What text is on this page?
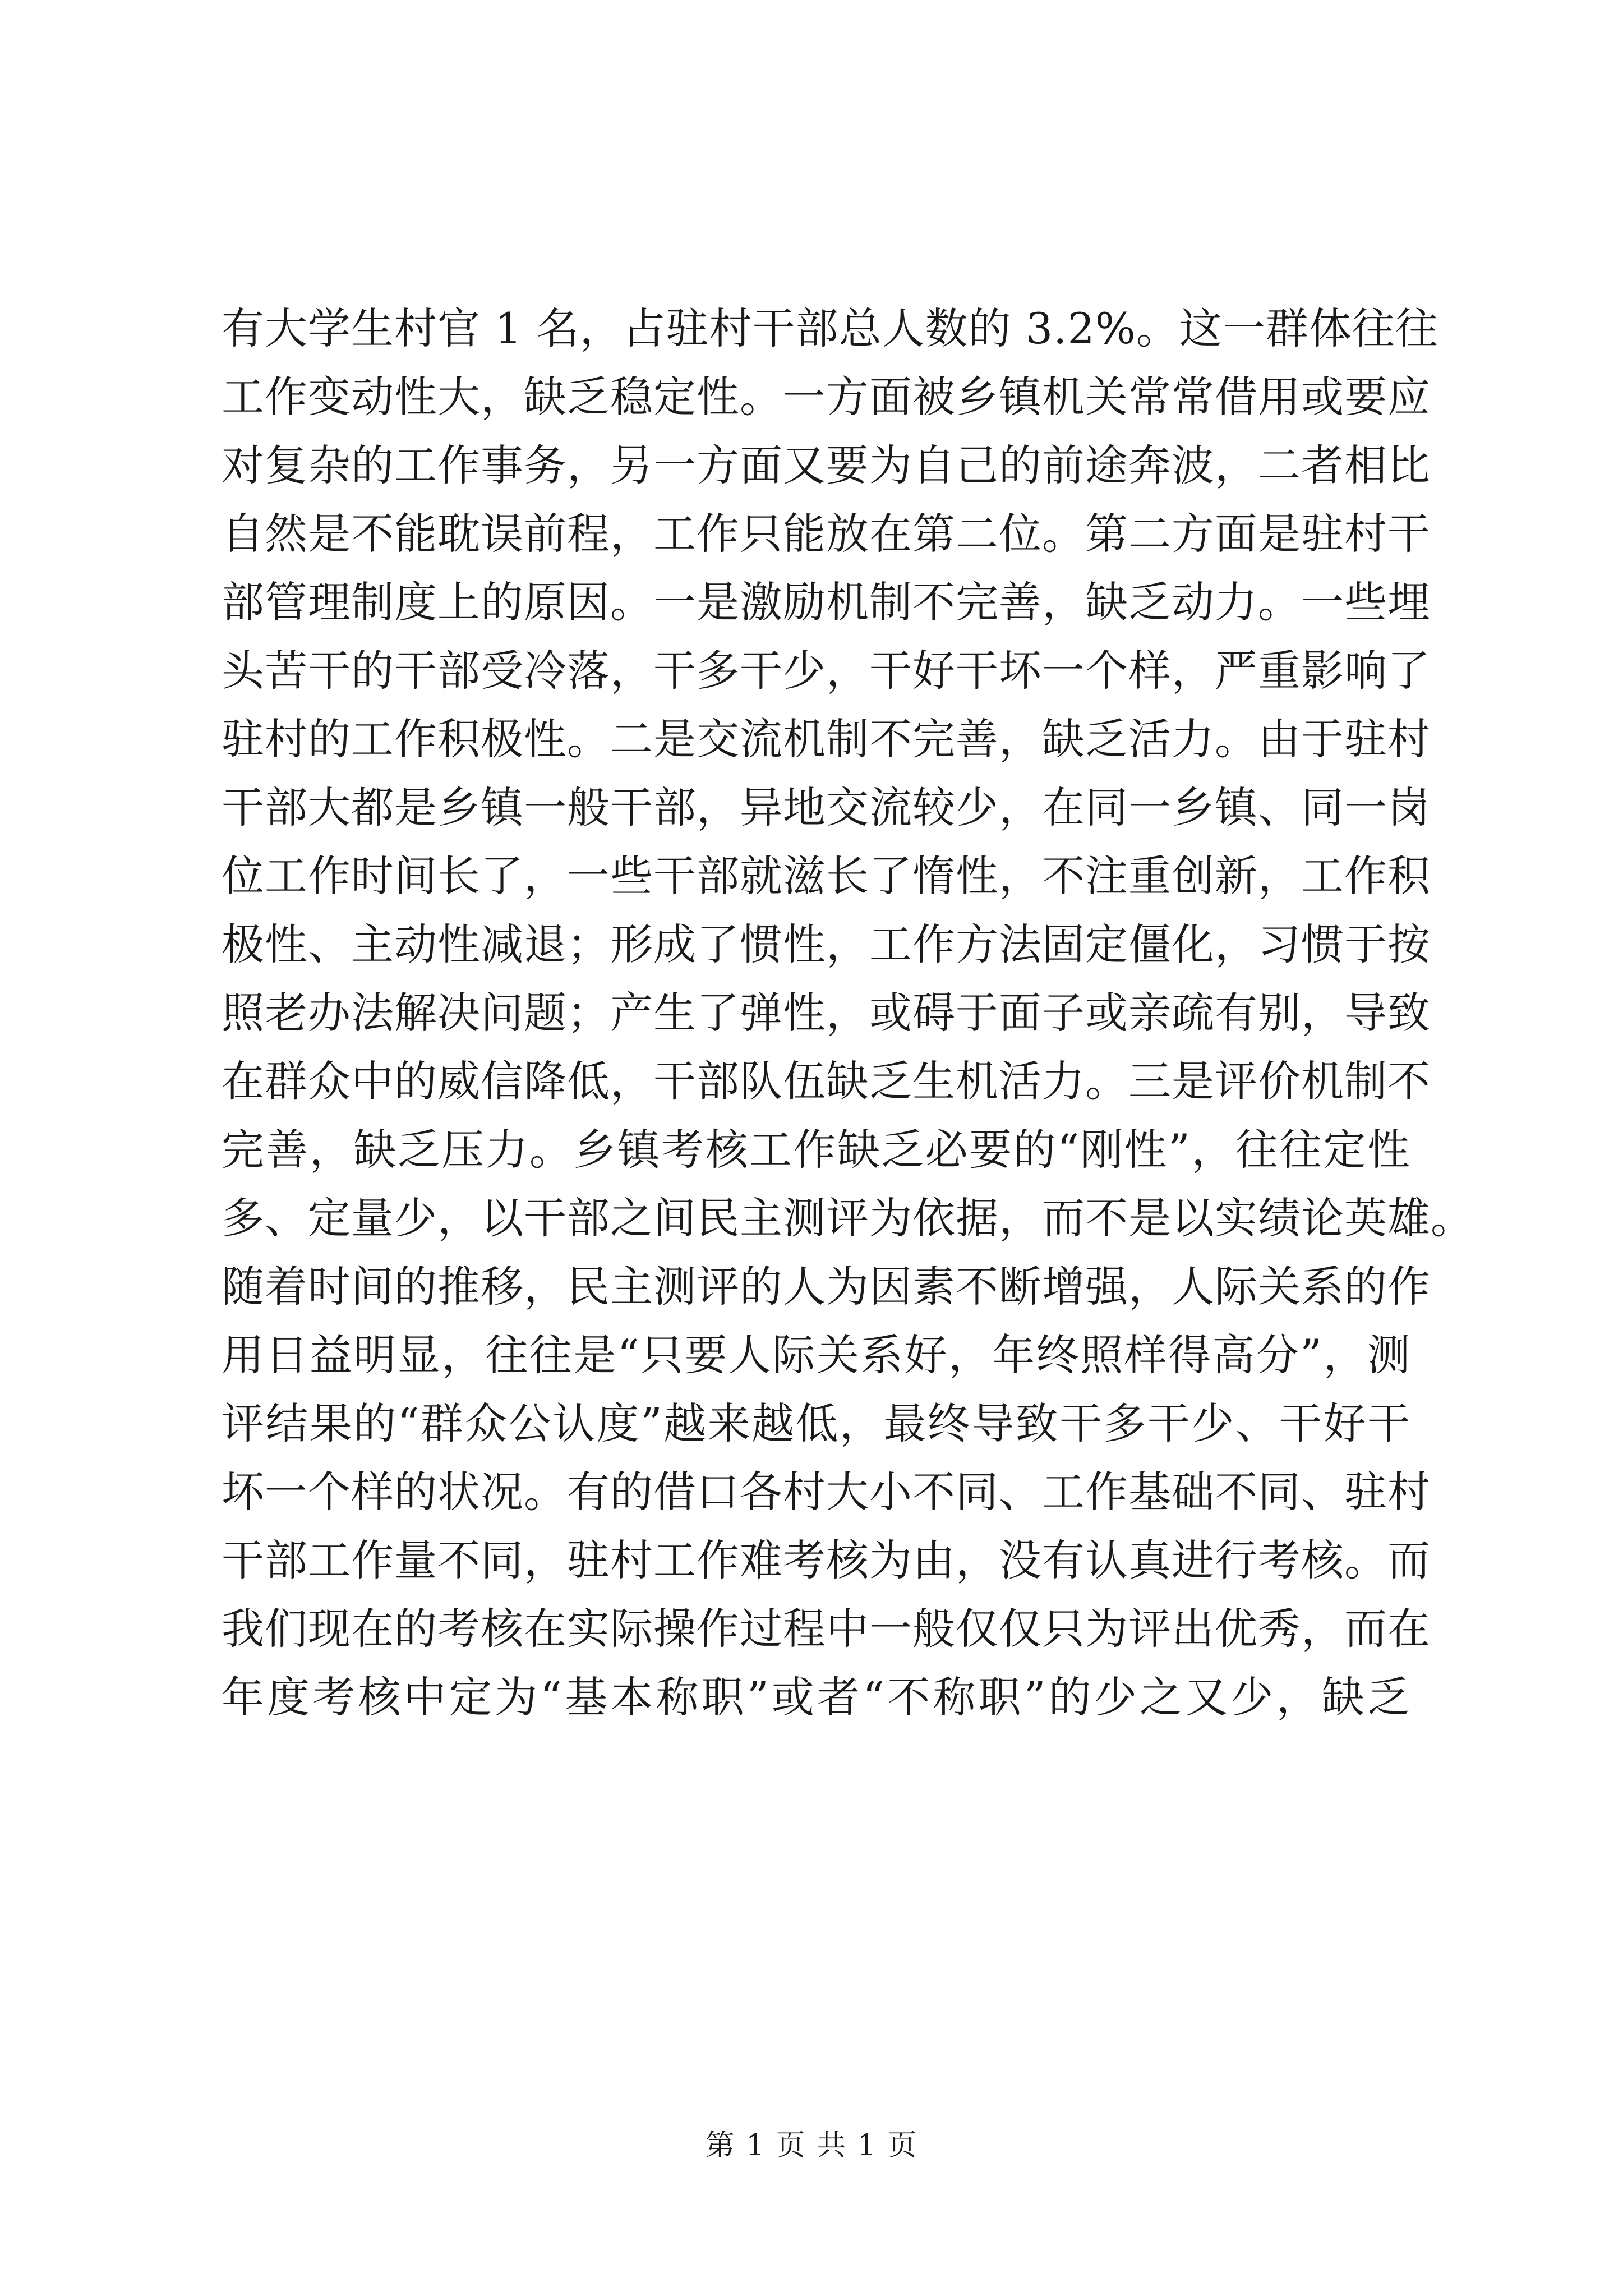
有大学生村官 1 名，占驻村干部总人数的 3.2%。这一群体往往
工作变动性大，缺乏稳定性。一方面被乡镇机关常常借用或要应
对复杂的工作事务，另一方面又要为自己的前途奔波，二者相比
自然是不能耽误前程，工作只能放在第二位。第二方面是驻村干
部管理制度上的原因。一是激励机制不完善，缺乏动力。一些埋
头苦干的干部受冷落，干多干少，干好干坏一个样，严重影响了
驻村的工作积极性。二是交流机制不完善，缺乏活力。由于驻村
干部大都是乡镇一般干部，异地交流较少，在同一乡镇、同一岗
位工作时间长了，一些干部就滋长了惰性，不注重创新，工作积
极性、主动性减退；形成了惯性，工作方法固定僵化，习惯于按
照老办法解决问题；产生了弹性，或碍于面子或亲疏有别，导致
在群众中的威信降低，干部队伍缺乏生机活力。三是评价机制不
完善，缺乏压力。乡镇考核工作缺乏必要的“刚性”，往往定性
多、定量少，以干部之间民主测评为依据，而不是以实绩论英雄。
随着时间的推移，民主测评的人为因素不断增强，人际关系的作
用日益明显，往往是“只要人际关系好，年终照样得高分”，测
评结果的“群众公认度”越来越低，最终导致干多干少、干好干
坏一个样的状况。有的借口各村大小不同、工作基础不同、驻村
干部工作量不同，驻村工作难考核为由，没有认真进行考核。而
我们现在的考核在实际操作过程中一般仅仅只为评出优秀，而在
年度考核中定为“基本称职”或者“不称职”的少之又少，缺乏
第 1 页 共 1 页
